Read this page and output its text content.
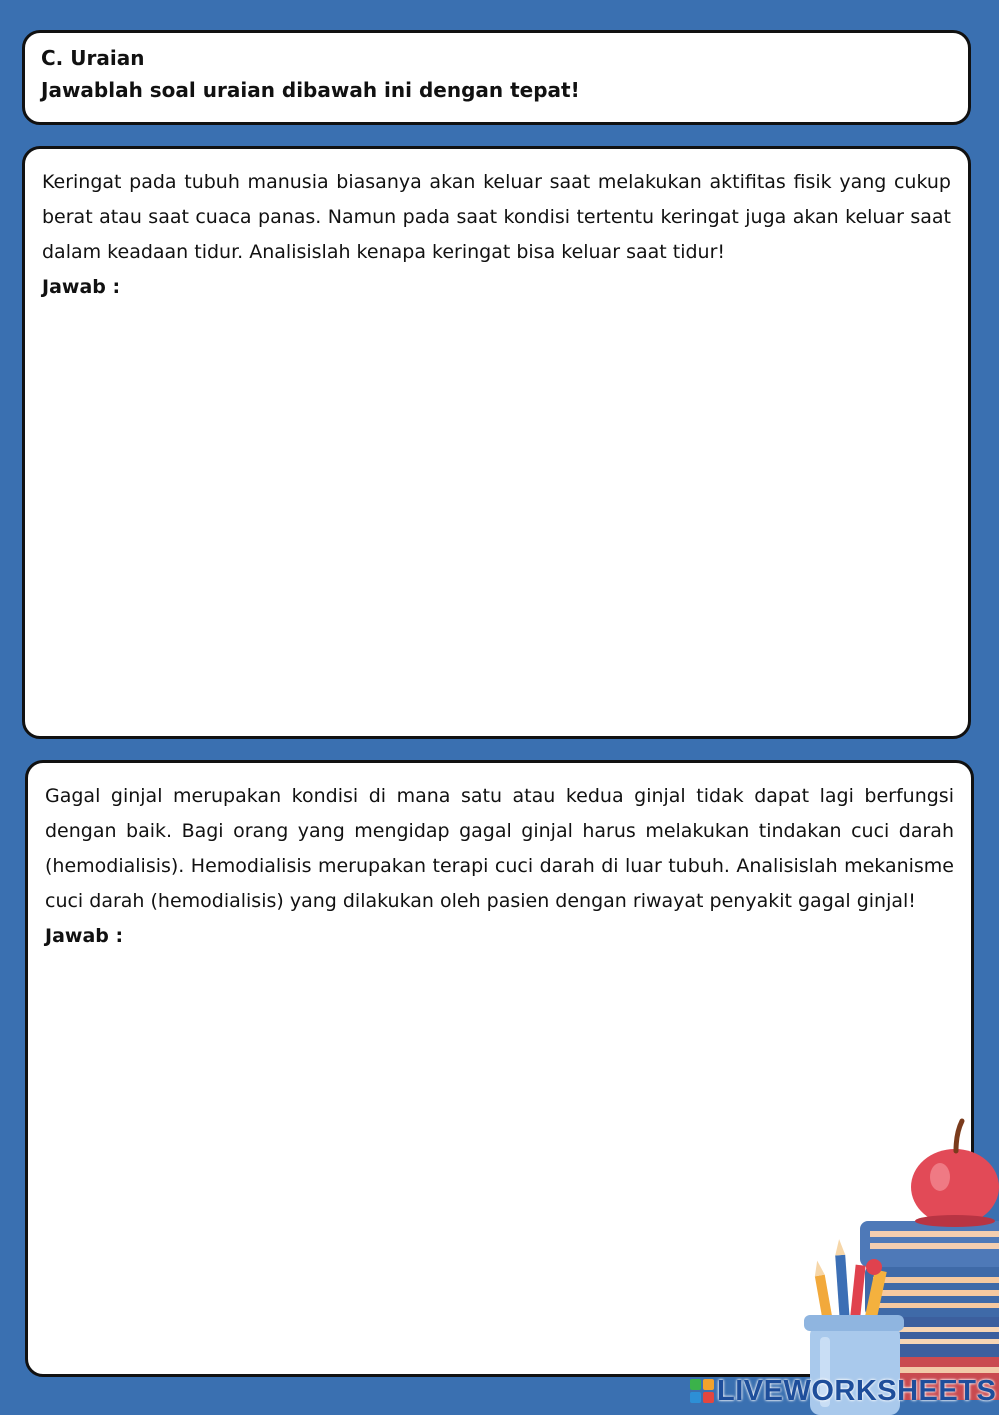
C. Uraian
Jawablah soal uraian dibawah ini dengan tepat!
Keringat pada tubuh manusia biasanya akan keluar saat melakukan aktifitas fisik yang cukup berat atau saat cuaca panas. Namun pada saat kondisi tertentu keringat juga akan keluar saat dalam keadaan tidur. Analisislah kenapa keringat bisa keluar saat tidur!
Jawab :
Gagal ginjal merupakan kondisi di mana satu atau kedua ginjal tidak dapat lagi berfungsi dengan baik. Bagi orang yang mengidap gagal ginjal harus melakukan tindakan cuci darah (hemodialisis). Hemodialisis merupakan terapi cuci darah di luar tubuh. Analisislah mekanisme cuci darah (hemodialisis) yang dilakukan oleh pasien dengan riwayat penyakit gagal ginjal!
Jawab :
LIVEWORKSHEETS
